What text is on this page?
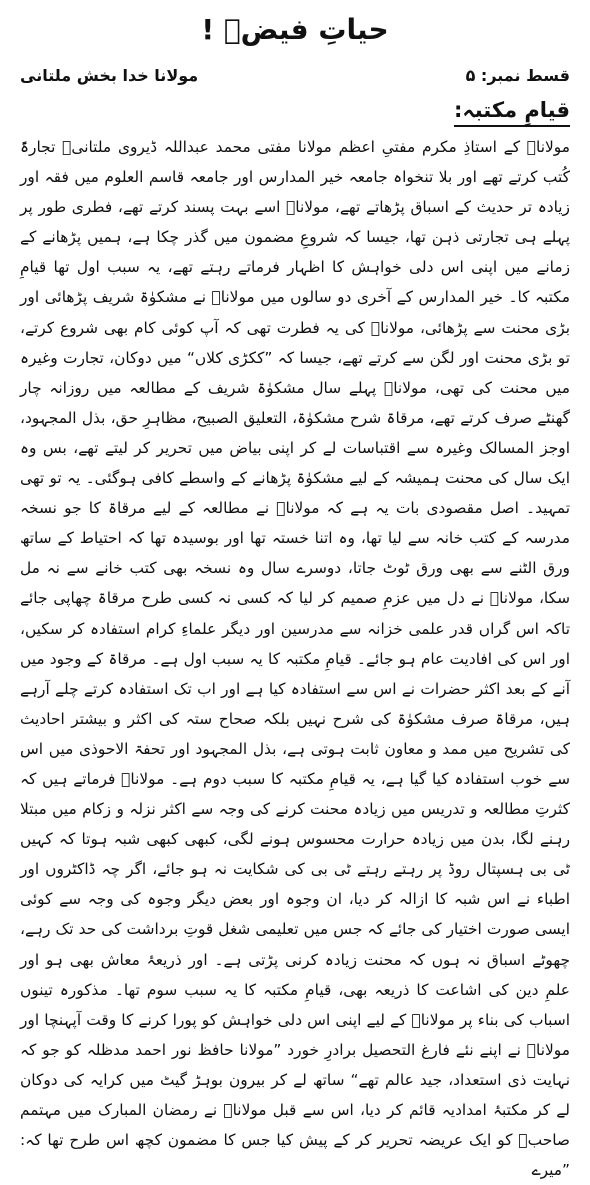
حیاتِ فیضؒ !
قسط نمبر: ۵
مولانا خدا بخش ملتانی
قیامِ مکتبہ:

مولاناؒ کے استاذِ مکرم مفتیِ اعظم مولانا مفتی محمد عبداللہ ڈیروی ملتانیؒ تجارۃً کُتب کرتے تھے اور بلا تنخواہ جامعہ خیر المدارس اور جامعہ قاسم العلوم میں فقہ اور زیادہ تر حدیث کے اسباق پڑھاتے تھے، مولاناؒ اسے بہت پسند کرتے تھے، فطری طور پر پہلے ہی تجارتی ذہن تھا، جیسا کہ شروعِ مضمون میں گذر چکا ہے، ہمیں پڑھانے کے زمانے میں اپنی اس دلی خواہش کا اظہار فرماتے رہتے تھے، یہ سبب اول تھا قیامِ مکتبہ کا۔ خیر المدارس کے آخری دو سالوں میں مولاناؒ نے مشکوٰۃ شریف پڑھائی اور بڑی محنت سے پڑھائی، مولاناؒ کی یہ فطرت تھی کہ آپ کوئی کام بھی شروع کرتے، تو بڑی محنت اور لگن سے کرتے تھے، جیسا کہ ”ککڑی کلاں“ میں دوکان، تجارت وغیرہ میں محنت کی تھی، مولاناؒ پہلے سال مشکوٰۃ شریف کے مطالعہ میں روزانہ چار گھنٹے صرف کرتے تھے، مرقاۃ شرح مشکوٰۃ، التعلیق الصبیح، مظاہرِ حق، بذل المجہود، اوجز المسالک وغیرہ سے اقتباسات لے کر اپنی بیاض میں تحریر کر لیتے تھے، بس وہ ایک سال کی محنت ہمیشہ کے لیے مشکوٰۃ پڑھانے کے واسطے کافی ہوگئی۔ یہ تو تھی تمہید۔ اصل مقصودی بات یہ ہے کہ مولاناؒ نے مطالعہ کے لیے مرقاۃ کا جو نسخہ مدرسہ کے کتب خانہ سے لیا تھا، وہ اتنا خستہ تھا اور بوسیدہ تھا کہ احتیاط کے ساتھ ورق الٹنے سے بھی ورق ٹوٹ جاتا، دوسرے سال وہ نسخہ بھی کتب خانے سے نہ مل سکا، مولاناؒ نے دل میں عزمِ صمیم کر لیا کہ کسی نہ کسی طرح مرقاۃ چھاپی جائے تاکہ اس گراں قدر علمی خزانہ سے مدرسین اور دیگر علماءِ کرام استفادہ کر سکیں، اور اس کی افادیت عام ہو جائے۔ قیامِ مکتبہ کا یہ سبب اول ہے۔ مرقاۃ کے وجود میں آنے کے بعد اکثر حضرات نے اس سے استفادہ کیا ہے اور اب تک استفادہ کرتے چلے آرہے ہیں، مرقاۃ صرف مشکوٰۃ کی شرح نہیں بلکہ صحاح ستہ کی اکثر و بیشتر احادیث کی تشریح میں ممد و معاون ثابت ہوتی ہے، بذل المجہود اور تحفۃ الاحوذی میں اس سے خوب استفادہ کیا گیا ہے، یہ قیامِ مکتبہ کا سبب دوم ہے۔ مولاناؒ فرماتے ہیں کہ کثرتِ مطالعہ و تدریس میں زیادہ محنت کرنے کی وجہ سے اکثر نزلہ و زکام میں مبتلا رہنے لگا، بدن میں زیادہ حرارت محسوس ہونے لگی، کبھی کبھی شبہ ہوتا کہ کہیں ٹی بی ہسپتال روڈ پر رہتے رہتے ٹی بی کی شکایت نہ ہو جائے، اگر چہ ڈاکٹروں اور اطباء نے اس شبہ کا ازالہ کر دیا، ان وجوہ اور بعض دیگر وجوہ کی وجہ سے کوئی ایسی صورت اختیار کی جائے کہ جس میں تعلیمی شغل قوتِ برداشت کی حد تک رہے، چھوٹے اسباق نہ ہوں کہ محنت زیادہ کرنی پڑتی ہے۔ اور ذریعۂ معاش بھی ہو اور علمِ دین کی اشاعت کا ذریعہ بھی، قیامِ مکتبہ کا یہ سبب سوم تھا۔ مذکورہ تینوں اسباب کی بناء پر مولاناؒ کے لیے اپنی اس دلی خواہش کو پورا کرنے کا وقت آپہنچا اور مولاناؒ نے اپنے نئے فارغ التحصیل برادرِ خورد ”مولانا حافظ نور احمد مدظلہ کو جو کہ نہایت ذی استعداد، جید عالم تھے“ ساتھ لے کر بیرون بوہڑ گیٹ میں کرایہ کی دوکان لے کر مکتبۂ امدادیہ قائم کر دیا، اس سے قبل مولاناؒ نے رمضان المبارک میں مہتمم صاحبؒ کو ایک عریضہ تحریر کر کے پیش کیا جس کا مضمون کچھ اس طرح تھا کہ: ”میرے
